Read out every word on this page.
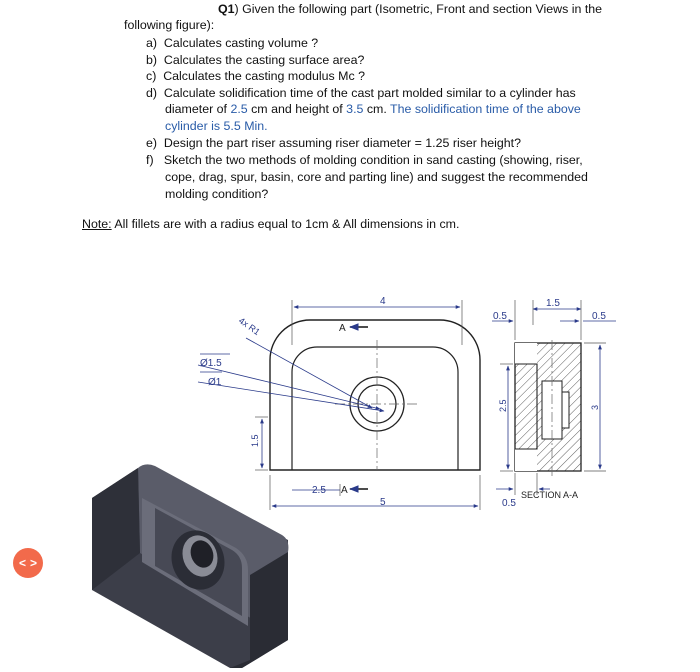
Q1) Given the following part (Isometric, Front and section Views in the
following figure):
a) Calculates casting volume ?
b) Calculates the casting surface area?
c) Calculates the casting modulus Mc ?
d) Calculate solidification time of the cast part molded similar to a cylinder has
diameter of 2.5 cm and height of 3.5 cm. The solidification time of the above
cylinder is 5.5 Min.
e) Design the part riser assuming riser diameter = 1.25 riser height?
f) Sketch the two methods of molding condition in sand casting (showing, riser,
cope, drag, spur, basin, core and parting line) and suggest the recommended
molding condition?
Note: All fillets are with a radius equal to 1cm & All dimensions in cm.
4
A
4x R1
Ø1.5
Ø1
1.5
2.5 A
5
1.5
0.5	0.5
2.5	3
0.5
SECTION A-A
< >
